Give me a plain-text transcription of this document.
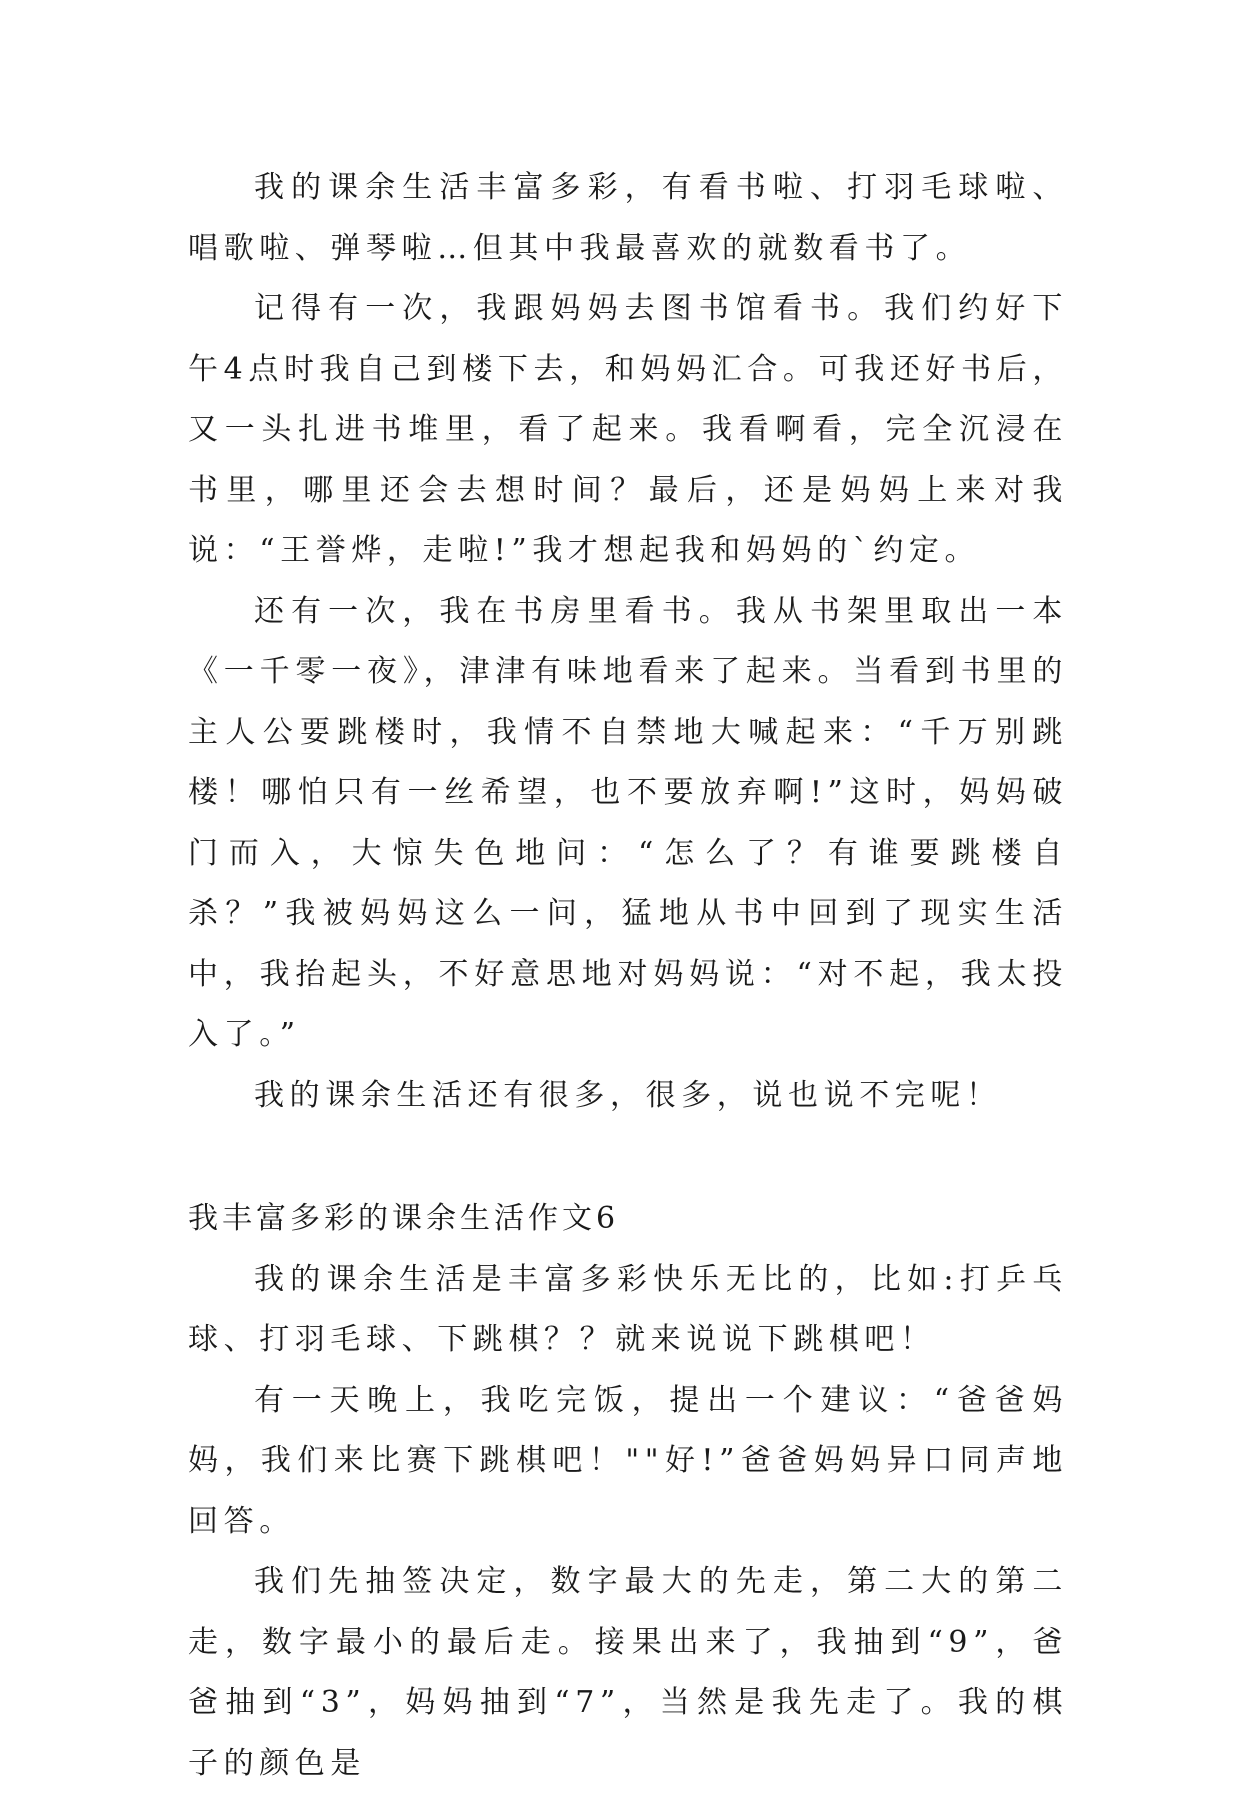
我的课余生活丰富多彩，有看书啦、打羽毛球啦、唱歌啦、弹琴啦…但其中我最喜欢的就数看书了。

记得有一次，我跟妈妈去图书馆看书。我们约好下午4点时我自己到楼下去，和妈妈汇合。可我还好书后，又一头扎进书堆里，看了起来。我看啊看，完全沉浸在书里，哪里还会去想时间？最后，还是妈妈上来对我说：“王誉烨，走啦!”我才想起我和妈妈的`约定。

还有一次，我在书房里看书。我从书架里取出一本《一千零一夜》，津津有味地看来了起来。当看到书里的主人公要跳楼时，我情不自禁地大喊起来：“千万别跳楼！哪怕只有一丝希望，也不要放弃啊!”这时，妈妈破门而入，大惊失色地问：“怎么了？有谁要跳楼自杀？”我被妈妈这么一问，猛地从书中回到了现实生活中，我抬起头，不好意思地对妈妈说：“对不起，我太投入了。”

我的课余生活还有很多，很多，说也说不完呢！

我丰富多彩的课余生活作文6

我的课余生活是丰富多彩快乐无比的，比如:打乒乓球、打羽毛球、下跳棋？？就来说说下跳棋吧！

有一天晚上，我吃完饭，提出一个建议：“爸爸妈妈，我们来比赛下跳棋吧！""好!”爸爸妈妈异口同声地回答。

我们先抽签决定，数字最大的先走，第二大的第二走，数字最小的最后走。接果出来了，我抽到“9”，爸爸抽到“3”，妈妈抽到“7”，当然是我先走了。我的棋子的颜色是
